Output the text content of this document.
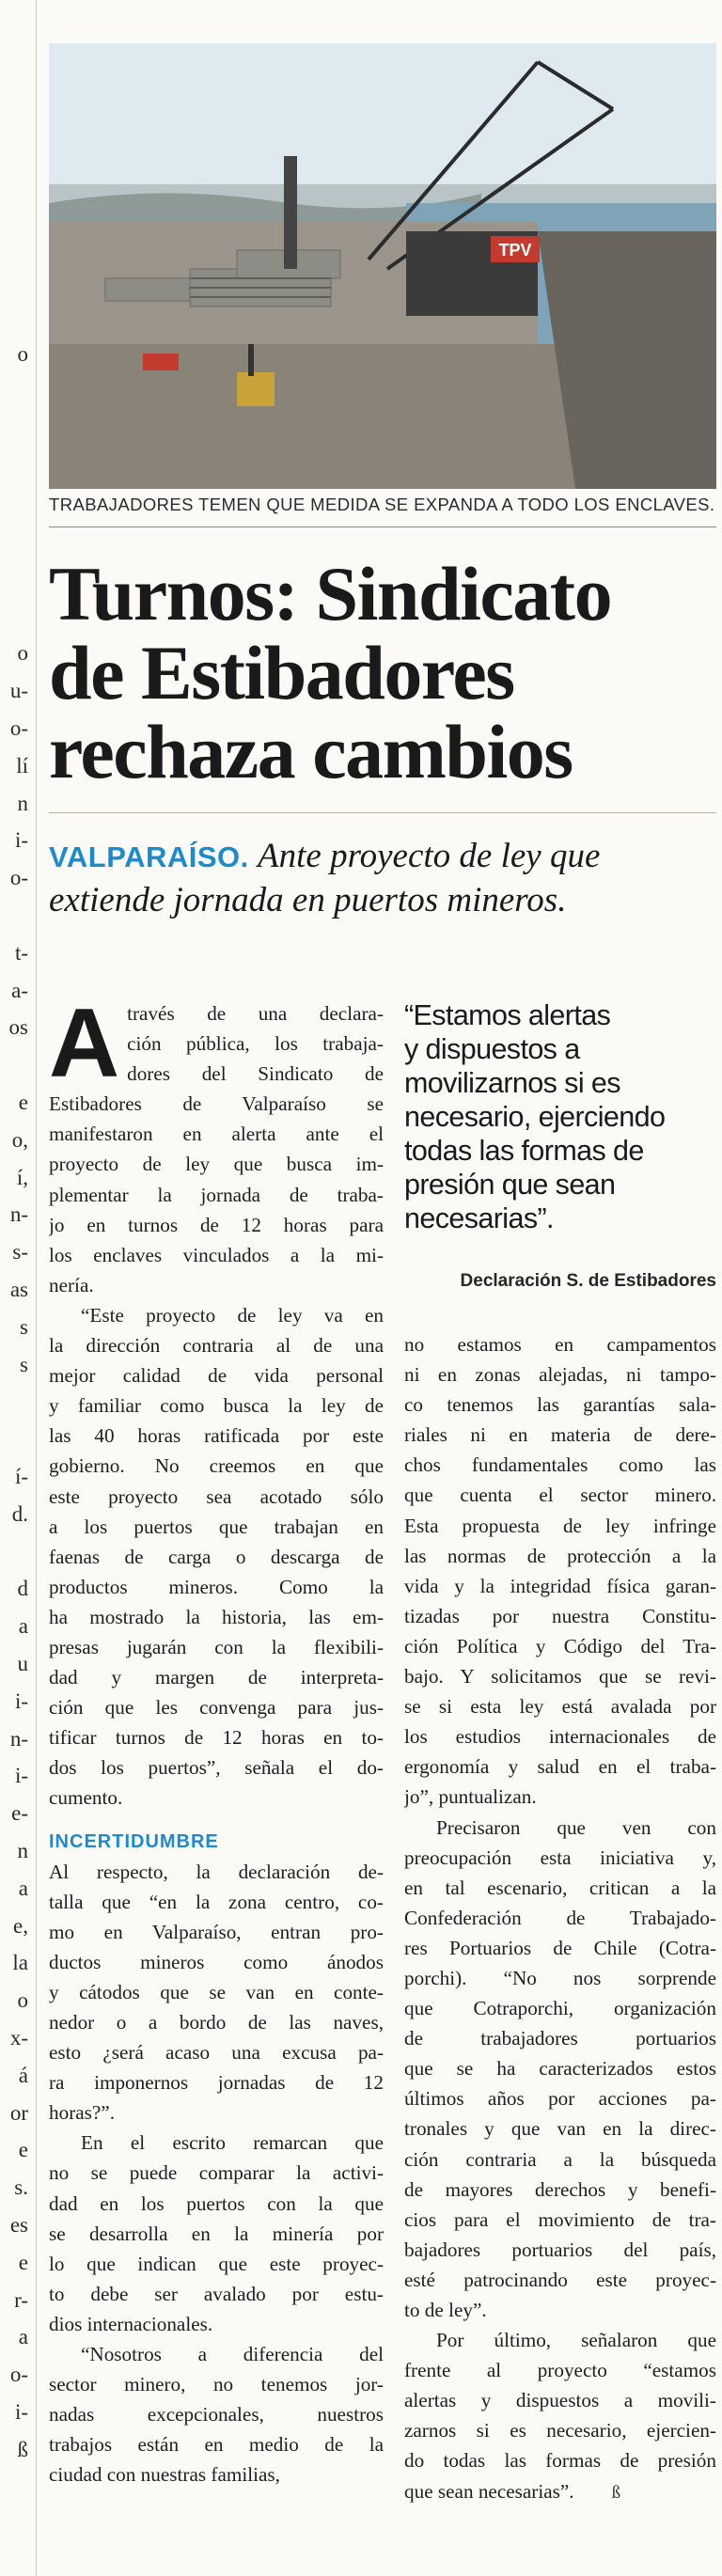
o
o
u-
o-
lí
n
i-
o-
t-
a-
os
e
o,
í,
n-
s-
as
s
s
í-
d.
d
a
u
i-
n-
i-
e-
n
a
e,
la
o
x-
á
or
e
s.
es
e
r-
a
o-
i-
ß
TPV
TRABAJADORES TEMEN QUE MEDIDA SE EXPANDA A TODO LOS ENCLAVES.
Turnos: Sindicato
de Estibadores
rechaza cambios
VALPARAÍSO. Ante proyecto de ley que
extiende jornada en puertos mineros.
A través de una declara-
ción pública, los trabaja-
dores del Sindicato de
Estibadores de Valparaíso se
manifestaron en alerta ante el
proyecto de ley que busca im-
plementar la jornada de traba-
jo en turnos de 12 horas para
los enclaves vinculados a la mi-
nería.
“Este proyecto de ley va en
la dirección contraria al de una
mejor calidad de vida personal
y familiar como busca la ley de
las 40 horas ratificada por este
gobierno. No creemos en que
este proyecto sea acotado sólo
a los puertos que trabajan en
faenas de carga o descarga de
productos mineros. Como la
ha mostrado la historia, las em-
presas jugarán con la flexibili-
dad y margen de interpreta-
ción que les convenga para jus-
tificar turnos de 12 horas en to-
dos los puertos”, señala el do-
cumento.
INCERTIDUMBRE
Al respecto, la declaración de-
talla que “en la zona centro, co-
mo en Valparaíso, entran pro-
ductos mineros como ánodos
y cátodos que se van en conte-
nedor o a bordo de las naves,
esto ¿será acaso una excusa pa-
ra imponernos jornadas de 12
horas?”.
En el escrito remarcan que
no se puede comparar la activi-
dad en los puertos con la que
se desarrolla en la minería por
lo que indican que este proyec-
to debe ser avalado por estu-
dios internacionales.
“Nosotros a diferencia del
sector minero, no tenemos jor-
nadas excepcionales, nuestros
trabajos están en medio de la
ciudad con nuestras familias,
“Estamos alertas
y dispuestos a
movilizarnos si es
necesario, ejerciendo
todas las formas de
presión que sean
necesarias”.
Declaración S. de Estibadores
no estamos en campamentos
ni en zonas alejadas, ni tampo-
co tenemos las garantías sala-
riales ni en materia de dere-
chos fundamentales como las
que cuenta el sector minero.
Esta propuesta de ley infringe
las normas de protección a la
vida y la integridad física garan-
tizadas por nuestra Constitu-
ción Política y Código del Tra-
bajo. Y solicitamos que se revi-
se si esta ley está avalada por
los estudios internacionales de
ergonomía y salud en el traba-
jo”, puntualizan.
Precisaron que ven con
preocupación esta iniciativa y,
en tal escenario, critican a la
Confederación de Trabajado-
res Portuarios de Chile (Cotra-
porchi). “No nos sorprende
que Cotraporchi, organización
de trabajadores portuarios
que se ha caracterizados estos
últimos años por acciones pa-
tronales y que van en la direc-
ción contraria a la búsqueda
de mayores derechos y benefi-
cios para el movimiento de tra-
bajadores portuarios del país,
esté patrocinando este proyec-
to de ley”.
Por último, señalaron que
frente al proyecto “estamos
alertas y dispuestos a movili-
zarnos si es necesario, ejercien-
do todas las formas de presión
que sean necesarias”. ß
